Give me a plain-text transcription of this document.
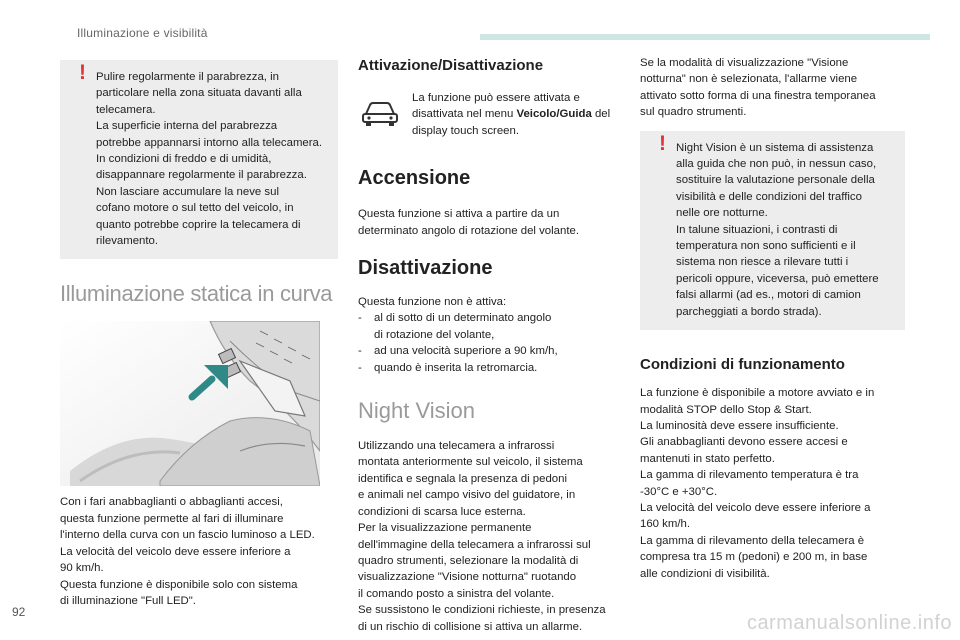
Illuminazione e visibilità
! Pulire regolarmente il parabrezza, in
particolare nella zona situata davanti alla
telecamera.
La superficie interna del parabrezza
potrebbe appannarsi intorno alla telecamera.
In condizioni di freddo e di umidità,
disappannare regolarmente il parabrezza.
Non lasciare accumulare la neve sul
cofano motore o sul tetto del veicolo, in
quanto potrebbe coprire la telecamera di
rilevamento.

Illuminazione statica in curva

Con i fari anabbaglianti o abbaglianti accesi,
questa funzione permette al fari di illuminare
l'interno della curva con un fascio luminoso a LED.
La velocità del veicolo deve essere inferiore a
90 km/h.
Questa funzione è disponibile solo con sistema
di illuminazione "Full LED".

Attivazione/Disattivazione
La funzione può essere attivata e disattivata nel menu Veicolo/Guida del display touch screen.
Accensione

Questa funzione si attiva a partire da un
determinato angolo di rotazione del volante.

Disattivazione

Questa funzione non è attiva:

- al di sotto di un determinato angolo
di rotazione del volante,
- ad una velocità superiore a 90 km/h,
- quando è inserita la retromarcia.
Night Vision

Utilizzando una telecamera a infrarossi
montata anteriormente sul veicolo, il sistema
identifica e segnala la presenza di pedoni
e animali nel campo visivo del guidatore, in
condizioni di scarsa luce esterna.
Per la visualizzazione permanente
dell'immagine della telecamera a infrarossi sul
quadro strumenti, selezionare la modalità di
visualizzazione "Visione notturna" ruotando
il comando posto a sinistra del volante.
Se sussistono le condizioni richieste, in presenza
di un rischio di collisione si attiva un allarme.

Se la modalità di visualizzazione "Visione
notturna" non è selezionata, l'allarme viene
attivato sotto forma di una finestra temporanea
sul quadro strumenti.

! Night Vision è un sistema di assistenza
alla guida che non può, in nessun caso,
sostituire la valutazione personale della
visibilità e delle condizioni del traffico
nelle ore notturne.
In talune situazioni, i contrasti di
temperatura non sono sufficienti e il
sistema non riesce a rilevare tutti i
pericoli oppure, viceversa, può emettere
falsi allarmi (ad es., motori di camion
parcheggiati a bordo strada).

Condizioni di funzionamento

La funzione è disponibile a motore avviato e in
modalità STOP dello Stop & Start.
La luminosità deve essere insufficiente.
Gli anabbaglianti devono essere accesi e
mantenuti in stato perfetto.
La gamma di rilevamento temperatura è tra
-30°C e +30°C.
La velocità del veicolo deve essere inferiore a
160 km/h.
La gamma di rilevamento della telecamera è
compresa tra 15 m (pedoni) e 200 m, in base
alle condizioni di visibilità.

92	carmanualsonline.info
